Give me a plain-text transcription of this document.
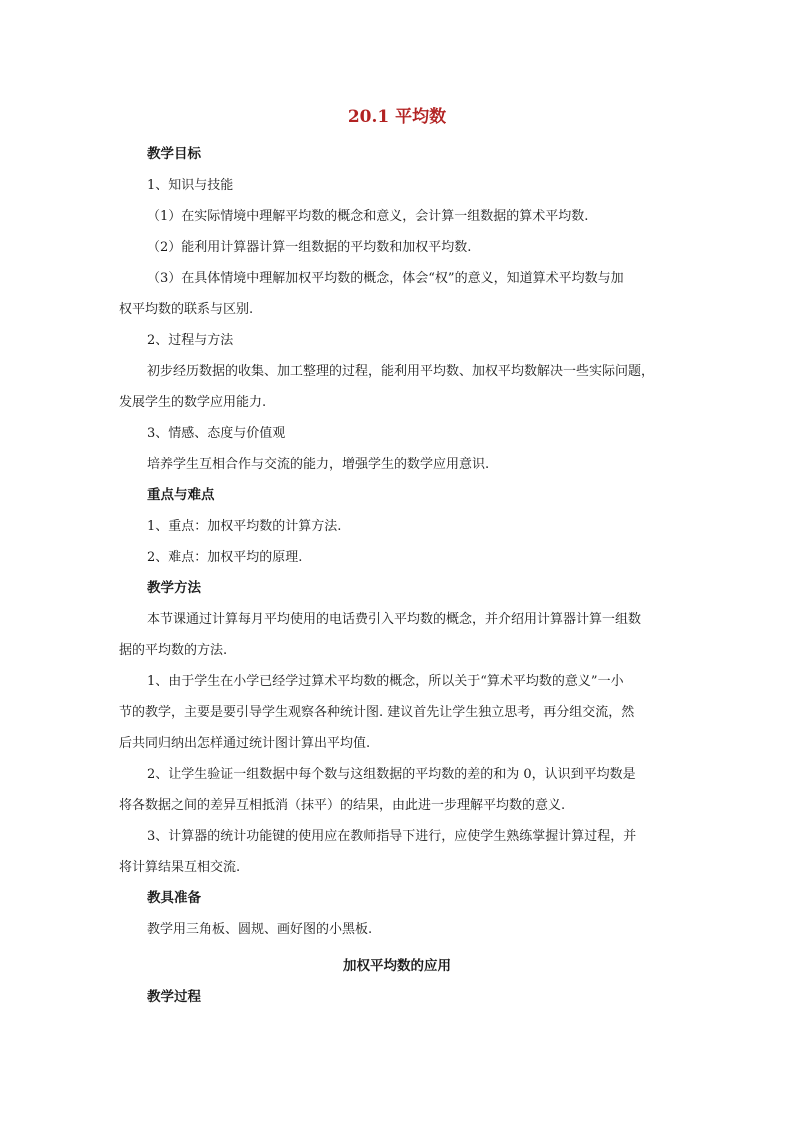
20.1 平均数

教学目标

1、知识与技能

（1）在实际情境中理解平均数的概念和意义，会计算一组数据的算术平均数.

（2）能利用计算器计算一组数据的平均数和加权平均数.

（3）在具体情境中理解加权平均数的概念，体会“权”的意义，知道算术平均数与加

权平均数的联系与区别.

2、过程与方法

初步经历数据的收集、加工整理的过程，能利用平均数、加权平均数解决一些实际问题，

发展学生的数学应用能力.

3、情感、态度与价值观

培养学生互相合作与交流的能力，增强学生的数学应用意识.

重点与难点

1、重点：加权平均数的计算方法.

2、难点：加权平均的原理.

教学方法

本节课通过计算每月平均使用的电话费引入平均数的概念，并介绍用计算器计算一组数

据的平均数的方法.

1、由于学生在小学已经学过算术平均数的概念，所以关于“算术平均数的意义”一小

节的教学，主要是要引导学生观察各种统计图. 建议首先让学生独立思考，再分组交流，然

后共同归纳出怎样通过统计图计算出平均值.

2、让学生验证一组数据中每个数与这组数据的平均数的差的和为 0，认识到平均数是

将各数据之间的差异互相抵消（抹平）的结果，由此进一步理解平均数的意义.

3、计算器的统计功能键的使用应在教师指导下进行，应使学生熟练掌握计算过程，并

将计算结果互相交流.

教具准备

教学用三角板、圆规、画好图的小黑板.

加权平均数的应用

教学过程
